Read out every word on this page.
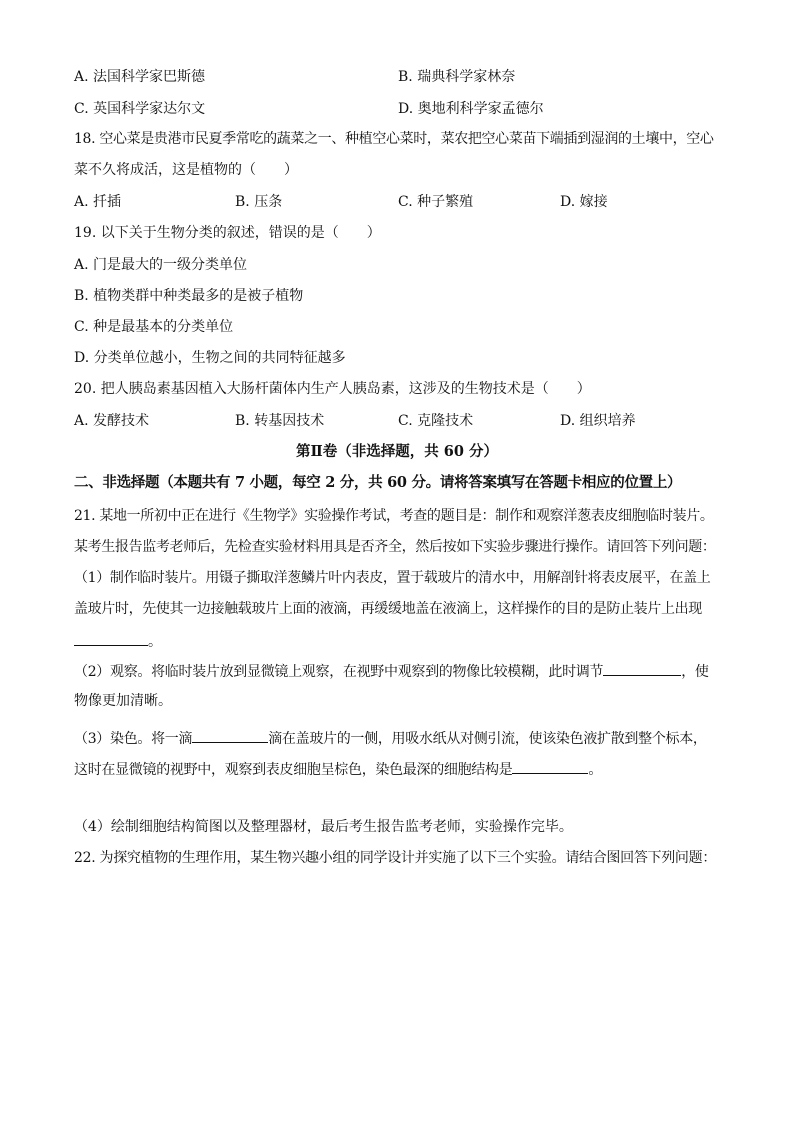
A. 法国科学家巴斯德	B. 瑞典科学家林奈
C. 英国科学家达尔文	D. 奥地利科学家孟德尔
18. 空心菜是贵港市民夏季常吃的蔬菜之一、种植空心菜时，菜农把空心菜苗下端插到湿润的土壤中，空心
菜不久将成活，这是植物的（　　）
A. 扦插	B. 压条	C. 种子繁殖	D. 嫁接
19. 以下关于生物分类的叙述，错误的是（　　）
A. 门是最大的一级分类单位
B. 植物类群中种类最多的是被子植物
C. 种是最基本的分类单位
D. 分类单位越小，生物之间的共同特征越多
20. 把人胰岛素基因植入大肠杆菌体内生产人胰岛素，这涉及的生物技术是（　　）
A. 发酵技术	B. 转基因技术	C. 克隆技术	D. 组织培养
第Ⅱ卷（非选择题，共 60 分）
二、非选择题（本题共有 7 小题，每空 2 分，共 60 分。请将答案填写在答题卡相应的位置上）
21. 某地一所初中正在进行《生物学》实验操作考试，考查的题目是：制作和观察洋葱表皮细胞临时装片。
某考生报告监考老师后，先检查实验材料用具是否齐全，然后按如下实验步骤进行操作。请回答下列问题：
（1）制作临时装片。用镊子撕取洋葱鳞片叶内表皮，置于载玻片的清水中，用解剖针将表皮展平，在盖上
盖玻片时，先使其一边接触载玻片上面的液滴，再缓缓地盖在液滴上，这样操作的目的是防止装片上出现
。
（2）观察。将临时装片放到显微镜上观察，在视野中观察到的物像比较模糊，此时调节	，使
物像更加清晰。
（3）染色。将一滴	滴在盖玻片的一侧，用吸水纸从对侧引流，使该染色液扩散到整个标本，
这时在显微镜的视野中，观察到表皮细胞呈棕色，染色最深的细胞结构是	。
（4）绘制细胞结构简图以及整理器材，最后考生报告监考老师，实验操作完毕。
22. 为探究植物的生理作用，某生物兴趣小组的同学设计并实施了以下三个实验。请结合图回答下列问题：
